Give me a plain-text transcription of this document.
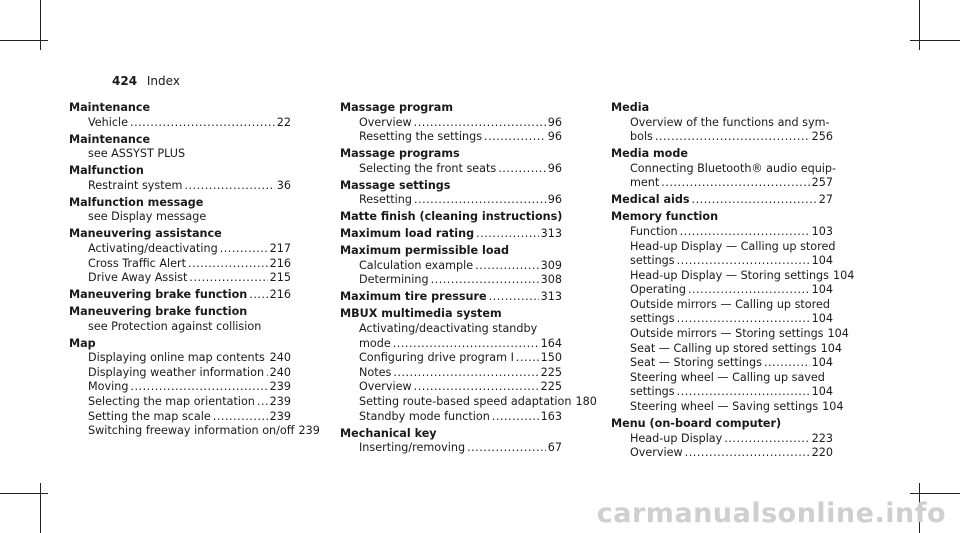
424 Index
Maintenance
Vehicle .....	22
Maintenance
see ASSYST PLUS
Malfunction
Restraint system .....	36
Malfunction message
see Display message
Maneuvering assistance
Activating/deactivating .....	217
Cross Traffic Alert .....	216
Drive Away Assist .....	215
Maneuvering brake function ..... 216
Maneuvering brake function
see Protection against collision
Map
Displaying online map contents ..... 240
Displaying weather information ..... 240
Moving .....	239
Selecting the map orientation ..... 239
Setting the map scale .....	239
Switching freeway information on/off 239
Massage program
Overview .....	96
Resetting the settings .....	96
Massage programs
Selecting the front seats .....	96
Massage settings
Resetting .....	96
Matte finish (cleaning instructions)
Maximum load rating .....	313
Maximum permissible load
Calculation example .....	309
Determining .....	308
Maximum tire pressure .....	313
MBUX multimedia system
Activating/deactivating standby
mode .....	164
Configuring drive program I ..... 150
Notes .....	225
Overview .....	225
Setting route-based speed adaptation 180
Standby mode function .....	163
Mechanical key
Inserting/removing .....	67
Media
Overview of the functions and sym-
bols .....	256
Media mode
Connecting Bluetooth® audio equip-
ment .....	257
Medical aids .....	27
Memory function
Function .....	103
Head-up Display — Calling up stored
settings .....	104
Head-up Display — Storing settings 104
Operating .....	104
Outside mirrors — Calling up stored
settings .....	104
Outside mirrors — Storing settings 104
Seat — Calling up stored settings 104
Seat — Storing settings .....	104
Steering wheel — Calling up saved
settings .....	104
Steering wheel — Saving settings 104
Menu (on-board computer)
Head-up Display .....	223
Overview .....	220
carmanualsonline.info
